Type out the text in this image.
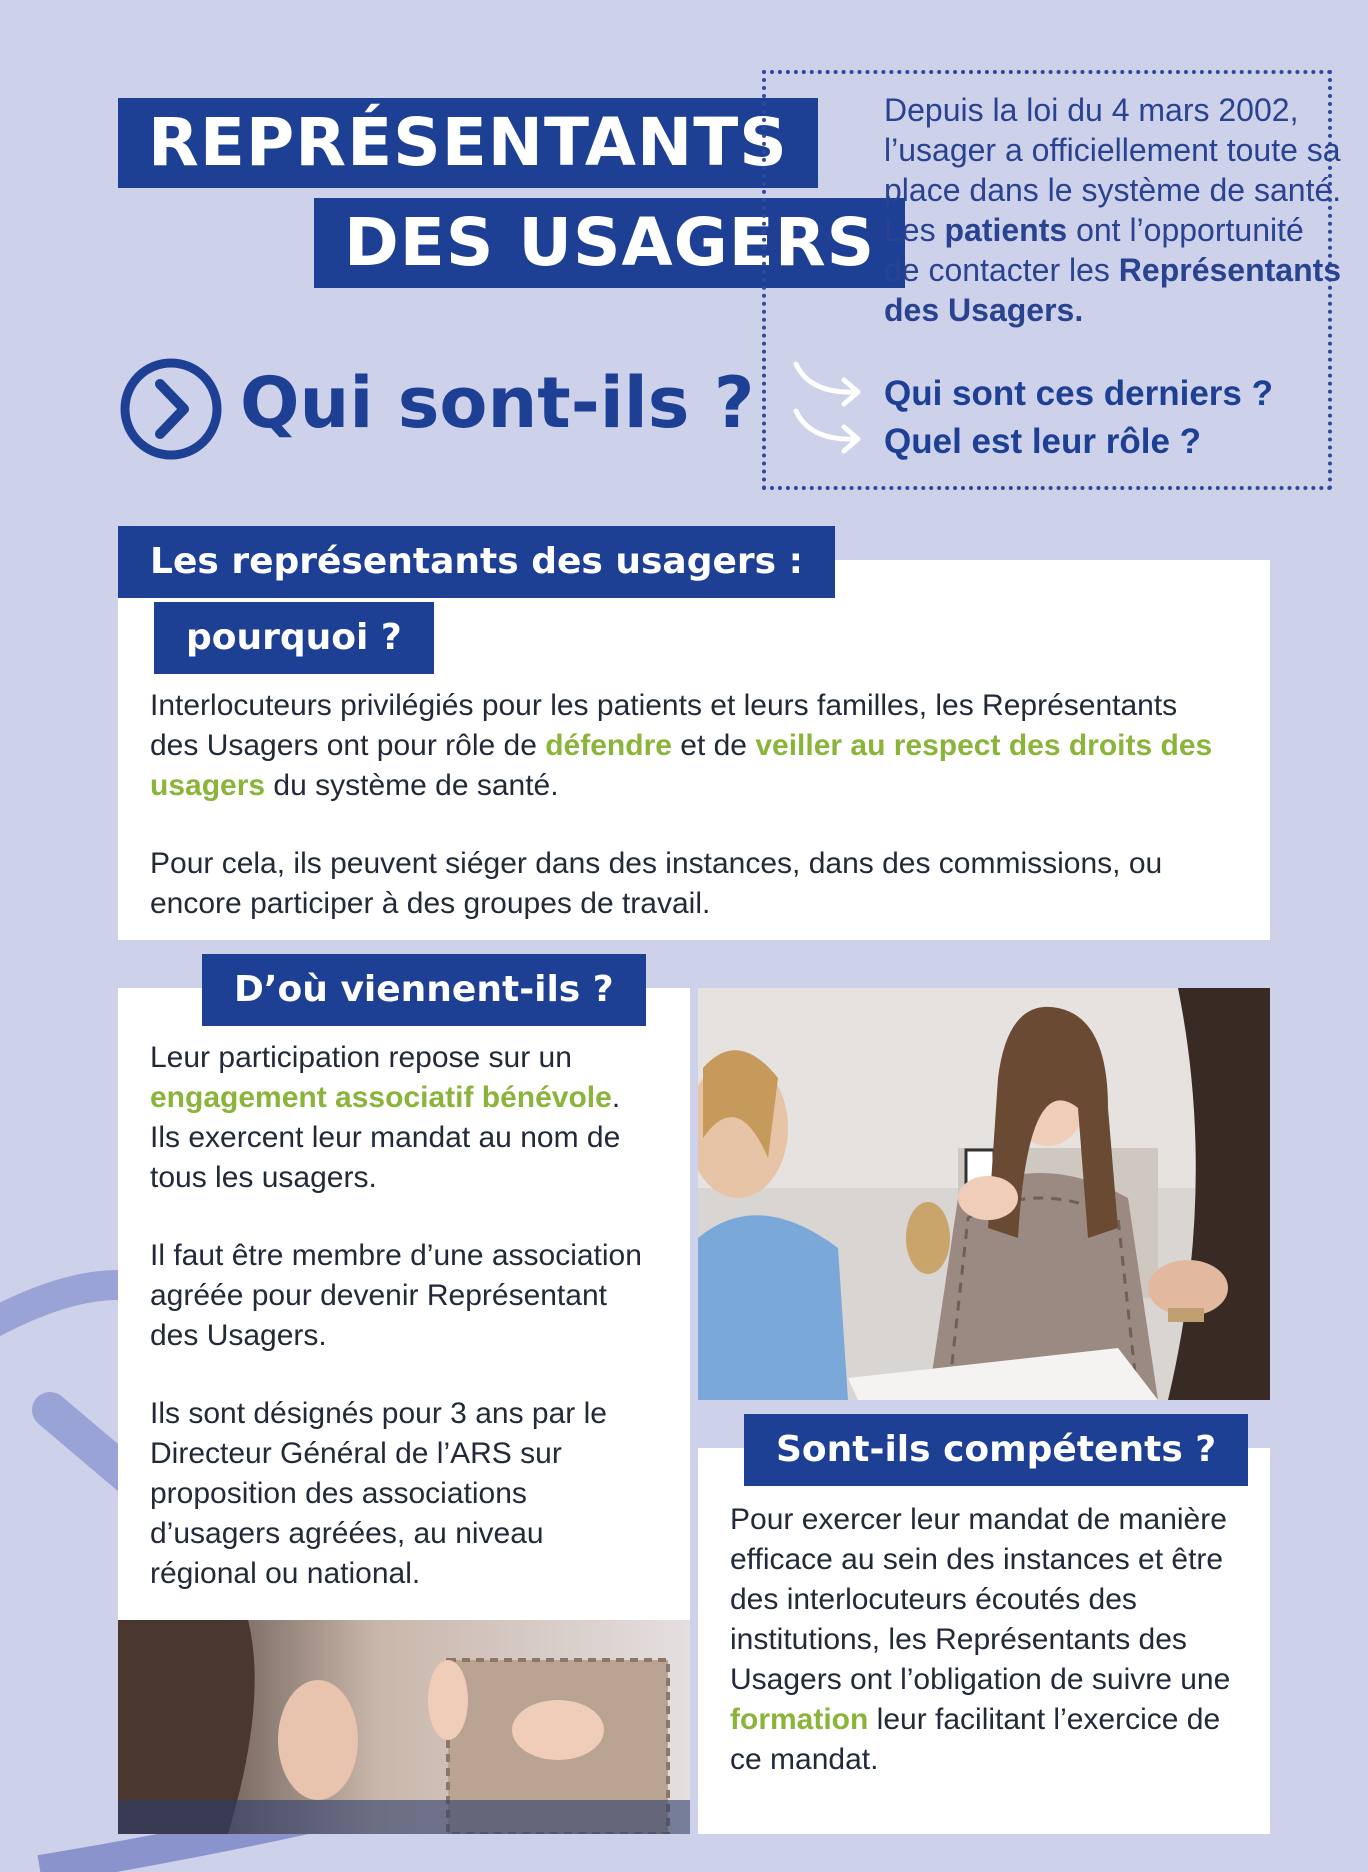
REPRÉSENTANTS
DES USAGERS
Qui sont-ils ?
Depuis la loi du 4 mars 2002, l’usager a officiellement toute sa place dans le système de santé. Les patients ont l’opportunité de contacter les Représentants des Usagers.
Qui sont ces derniers ?
Quel est leur rôle ?
Les représentants des usagers :
pourquoi ?
Interlocuteurs privilégiés pour les patients et leurs familles, les Représentants des Usagers ont pour rôle de défendre et de veiller au respect des droits des usagers du système de santé.
Pour cela, ils peuvent siéger dans des instances, dans des commissions, ou encore participer à des groupes de travail.
D’où viennent-ils ?
Leur participation repose sur un engagement associatif bénévole. Ils exercent leur mandat au nom de tous les usagers.
Il faut être membre d’une association agréée pour devenir Représentant des Usagers.
Ils sont désignés pour 3 ans par le Directeur Général de l’ARS sur proposition des associations d’usagers agréées, au niveau régional ou national.
Sont-ils compétents ?
Pour exercer leur mandat de manière efficace au sein des instances et être des interlocuteurs écoutés des institutions, les Représentants des Usagers ont l’obligation de suivre une formation leur facilitant l’exercice de ce mandat.
